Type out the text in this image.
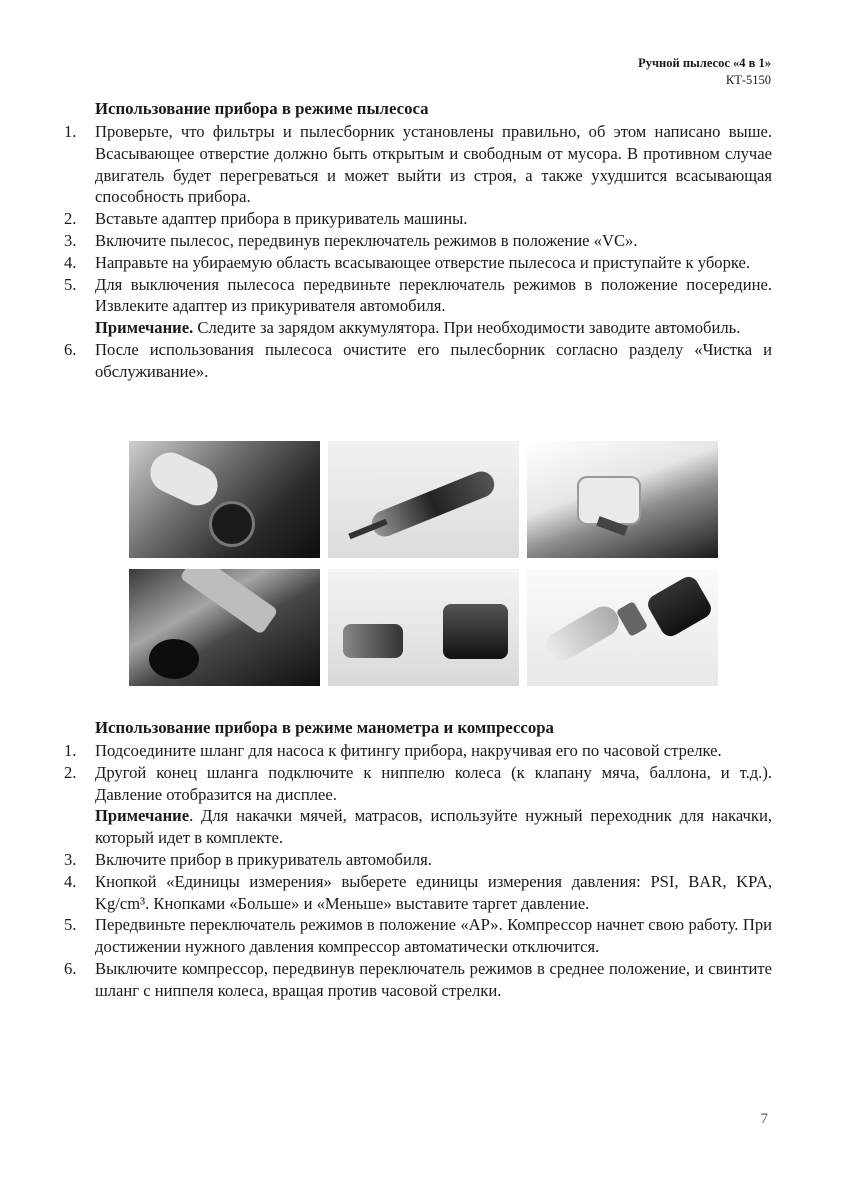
Ручной пылесос «4 в 1»
КТ-5150
Использование прибора в режиме пылесоса
1.	Проверьте, что фильтры и пылесборник установлены правильно, об этом написано выше. Всасывающее отверстие должно быть открытым и свободным от мусора. В противном случае двигатель будет перегреваться и может выйти из строя, а также ухудшится всасывающая способность прибора.
2.	Вставьте адаптер прибора в прикуриватель машины.
3.	Включите пылесос, передвинув переключатель режимов в положение «VC».
4.	Направьте на убираемую область всасывающее отверстие пылесоса и приступайте к уборке.
5.	Для выключения пылесоса передвиньте переключатель режимов в положение посередине. Извлеките адаптер из прикуривателя автомобиля.

Примечание. Следите за зарядом аккумулятора. При необходимости заводите автомобиль.

6.	После использования пылесоса очистите его пылесборник согласно разделу «Чистка и обслуживание».
Использование прибора в режиме манометра и компрессора
1.	Подсоедините шланг для насоса к фитингу прибора, накручивая его по часовой стрелке.
2.	Другой конец шланга подключите к ниппелю колеса (к клапану мяча, баллона, и т.д.). Давление отобразится на дисплее.

Примечание. Для накачки мячей, матрасов, используйте нужный переходник для накачки, который идет в комплекте.

3.	Включите прибор в прикуриватель автомобиля.
4.	Кнопкой «Единицы измерения» выберете единицы измерения давления: PSI, BAR, KPA, Kg/cm³. Кнопками «Больше» и «Меньше» выставите таргет давление.
5.	Передвиньте переключатель режимов в положение «АР». Компрессор начнет свою работу. При достижении нужного давления компрессор автоматически отключится.
6.	Выключите компрессор, передвинув переключатель режимов в среднее положение, и свинтите шланг с ниппеля колеса, вращая против часовой стрелки.
7
